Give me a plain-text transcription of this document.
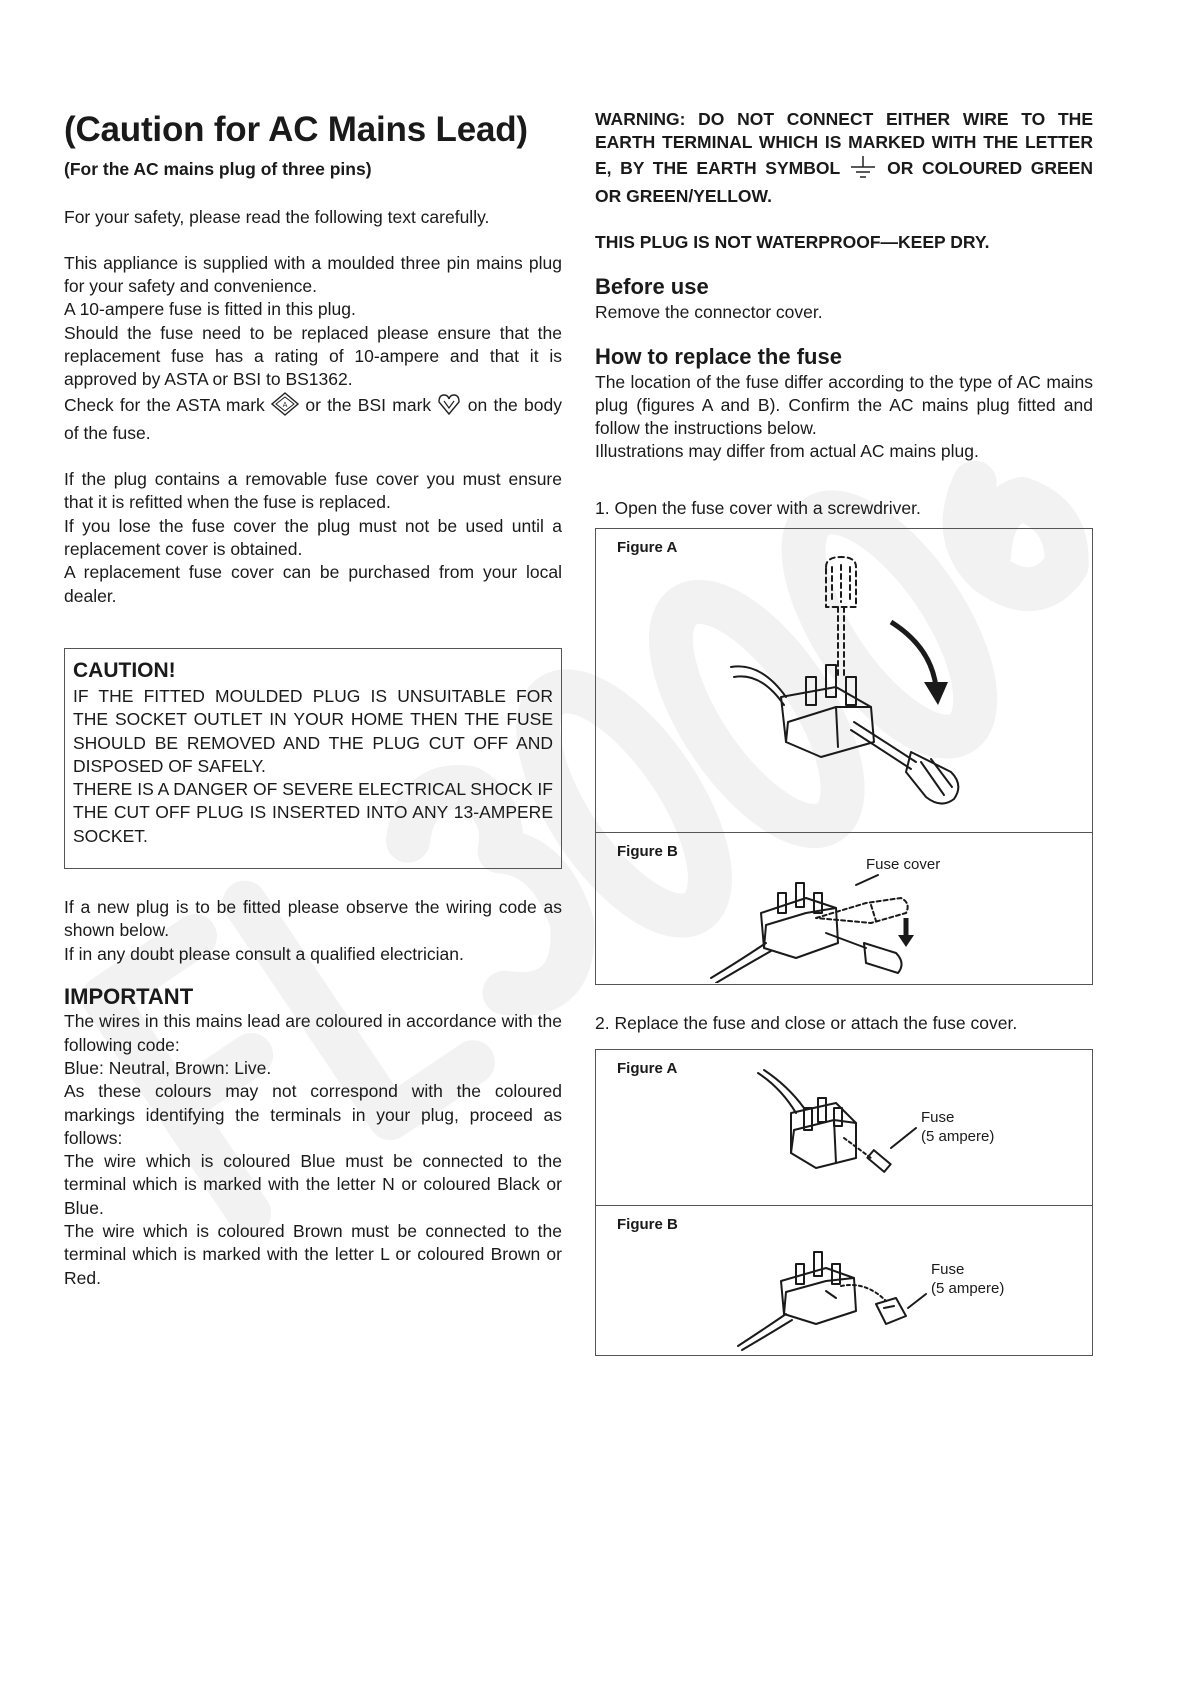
(Caution for AC Mains Lead)
(For the AC mains plug of three pins)

For your safety, please read the following text carefully.

This appliance is supplied with a moulded three pin mains plug for your safety and convenience.

A 10-ampere fuse is fitted in this plug.

Should the fuse need to be replaced please ensure that the replacement fuse has a rating of 10-ampere and that it is approved by ASTA or BSI to BS1362.

Check for the ASTA mark	A or the BSI mark on the body of the fuse.

If the plug contains a removable fuse cover you must ensure that it is refitted when the fuse is replaced.

If you lose the fuse cover the plug must not be used until a replacement cover is obtained.

A replacement fuse cover can be purchased from your local dealer.

CAUTION!

IF THE FITTED MOULDED PLUG IS UNSUITABLE FOR THE SOCKET OUTLET IN YOUR HOME THEN THE FUSE SHOULD BE REMOVED AND THE PLUG CUT OFF AND DISPOSED OF SAFELY.

THERE IS A DANGER OF SEVERE ELECTRICAL SHOCK IF THE CUT OFF PLUG IS INSERTED INTO ANY 13-AMPERE SOCKET.

If a new plug is to be fitted please observe the wiring code as shown below.

If in any doubt please consult a qualified electrician.

IMPORTANT

The wires in this mains lead are coloured in accordance with the following code:

Blue: Neutral, Brown: Live.

As these colours may not correspond with the coloured markings identifying the terminals in your plug, proceed as follows:

The wire which is coloured Blue must be connected to the terminal which is marked with the letter N or coloured Black or Blue.

The wire which is coloured Brown must be connected to the terminal which is marked with the letter L or coloured Brown or Red.

WARNING: DO NOT CONNECT EITHER WIRE TO THE EARTH TERMINAL WHICH IS MARKED WITH THE LETTER E, BY THE EARTH SYMBOL	OR COLOURED GREEN OR GREEN/YELLOW.

THIS PLUG IS NOT WATERPROOF—KEEP DRY.

Before use

Remove the connector cover.

How to replace the fuse

The location of the fuse differ according to the type of AC mains plug (figures A and B). Confirm the AC mains plug fitted and follow the instructions below.

Illustrations may differ from actual AC mains plug.

1. Open the fuse cover with a screwdriver.

Figure A
Figure B
Fuse cover

2. Replace the fuse and close or attach the fuse cover.

Figure A
Fuse
(5 ampere)
Figure B
Fuse
(5 ampere)
